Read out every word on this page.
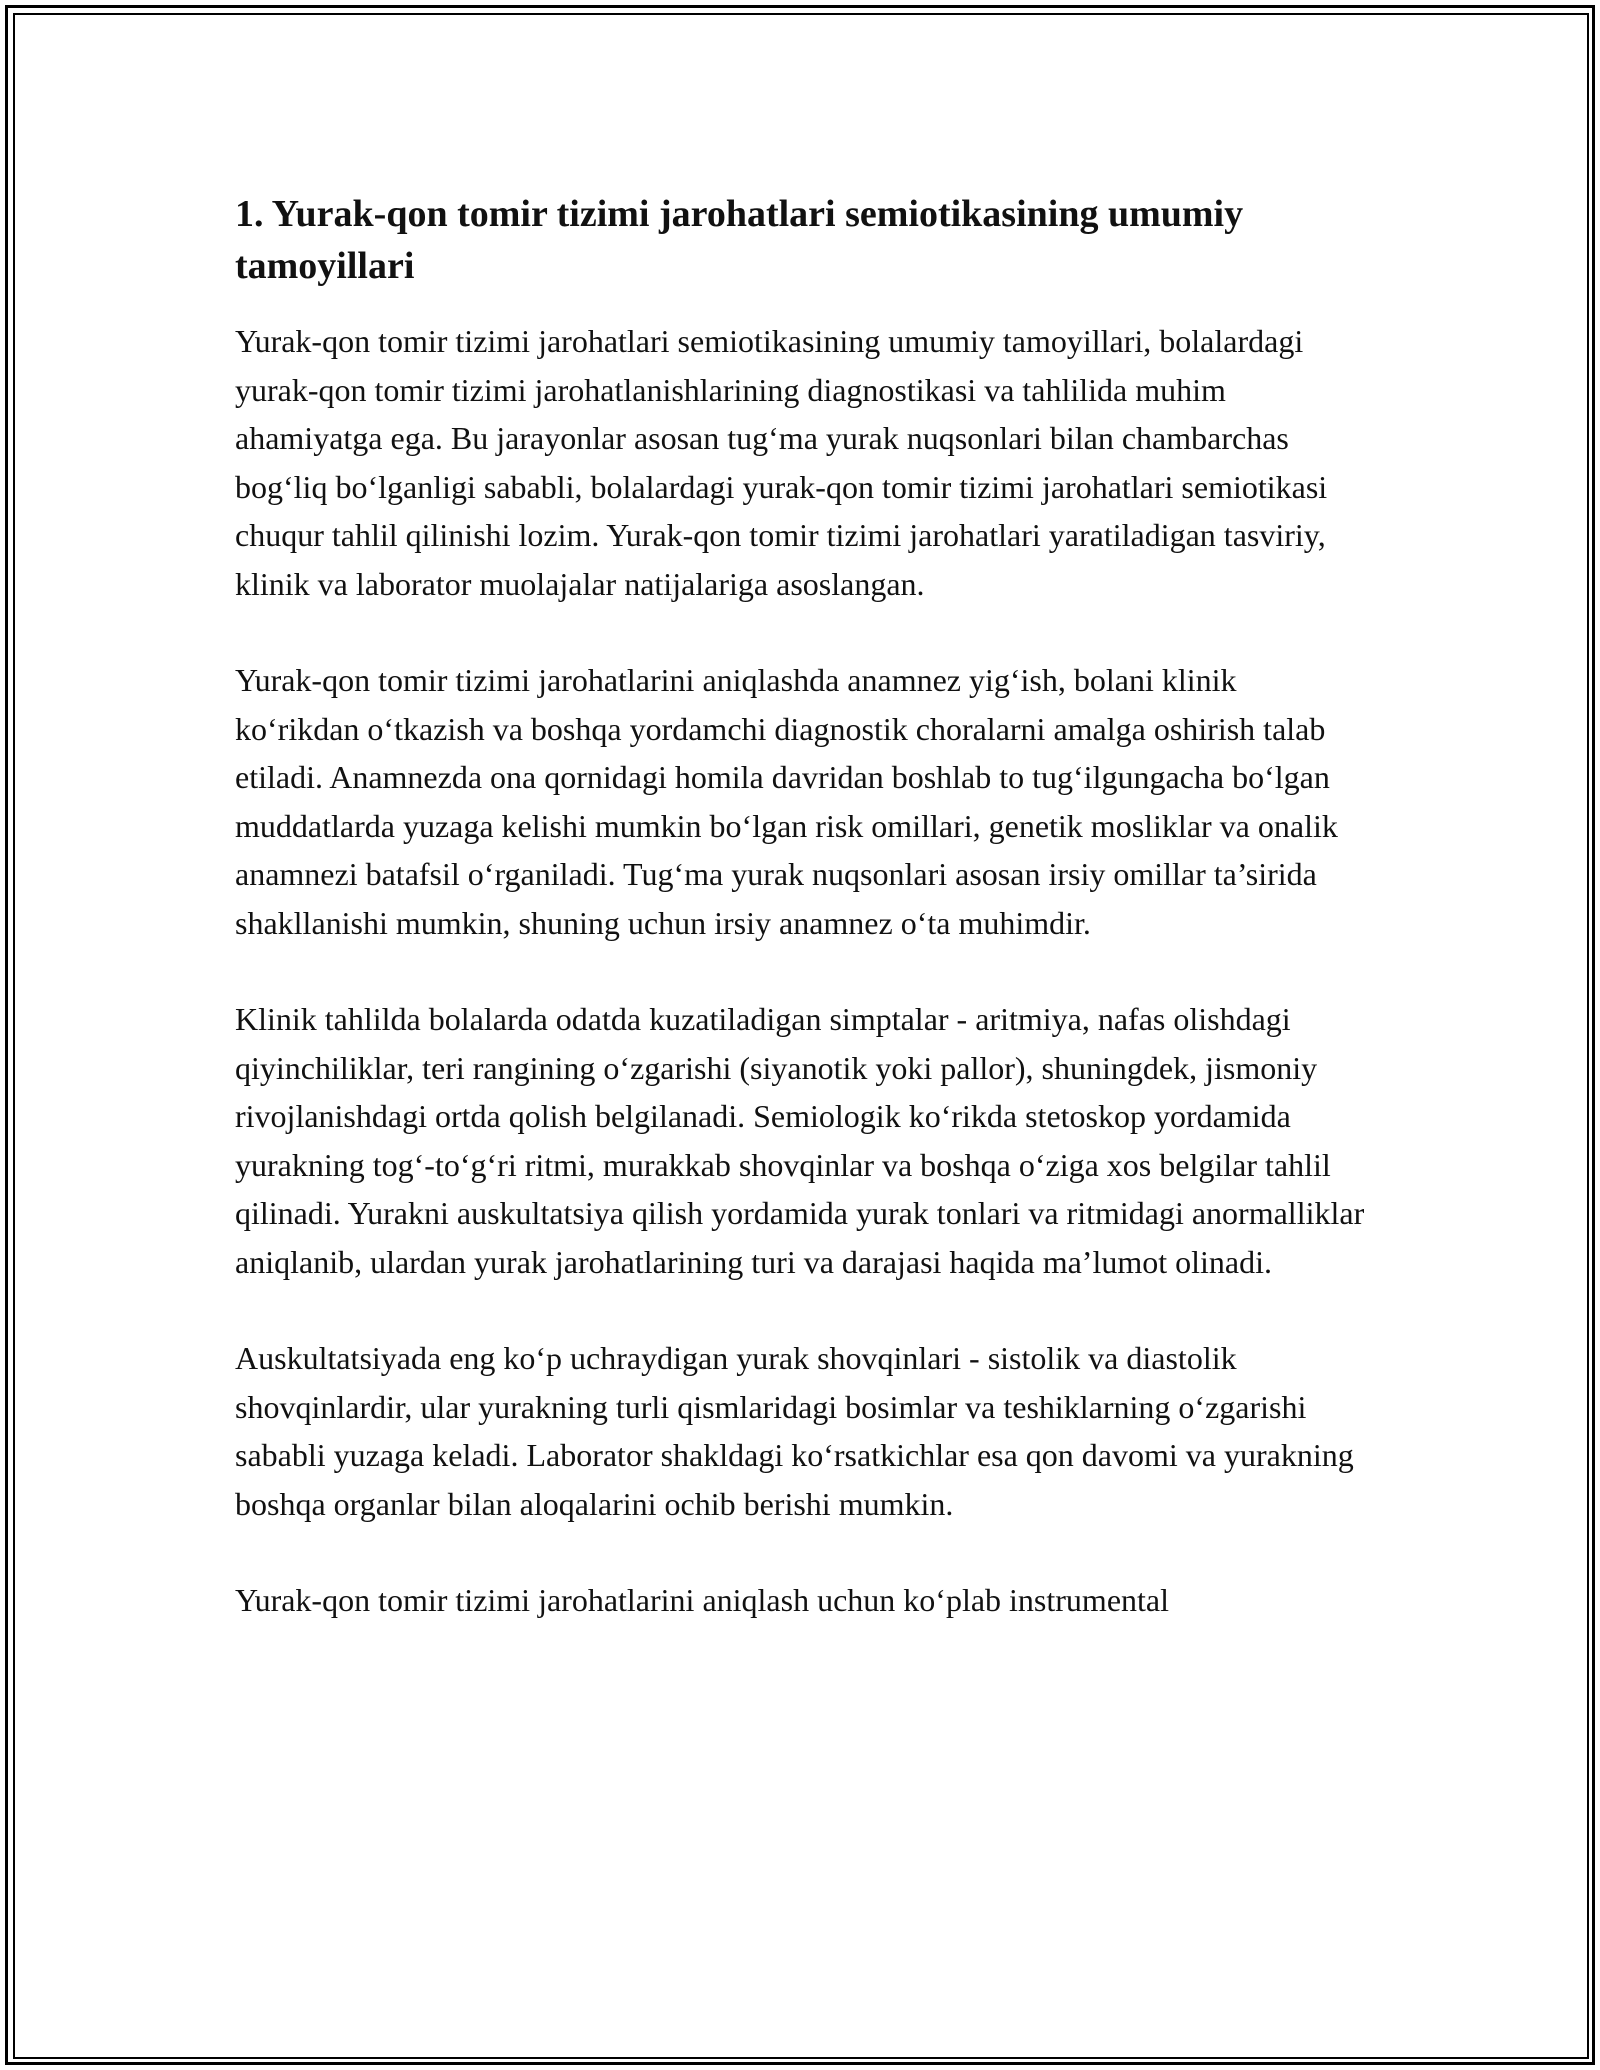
1. Yurak-qon tomir tizimi jarohatlari semiotikasining umumiy tamoyillari

Yurak-qon tomir tizimi jarohatlari semiotikasining umumiy tamoyillari, bolalardagi yurak-qon tomir tizimi jarohatlanishlarining diagnostikasi va tahlilida muhim ahamiyatga ega. Bu jarayonlar asosan tug‘ma yurak nuqsonlari bilan chambarchas bog‘liq bo‘lganligi sababli, bolalardagi yurak-qon tomir tizimi jarohatlari semiotikasi chuqur tahlil qilinishi lozim. Yurak-qon tomir tizimi jarohatlari yaratiladigan tasviriy, klinik va laborator muolajalar natijalariga asoslangan.

Yurak-qon tomir tizimi jarohatlarini aniqlashda anamnez yig‘ish, bolani klinik ko‘rikdan o‘tkazish va boshqa yordamchi diagnostik choralarni amalga oshirish talab etiladi. Anamnezda ona qornidagi homila davridan boshlab to tug‘ilgungacha bo‘lgan muddatlarda yuzaga kelishi mumkin bo‘lgan risk omillari, genetik mosliklar va onalik anamnezi batafsil o‘rganiladi. Tug‘ma yurak nuqsonlari asosan irsiy omillar ta’sirida shakllanishi mumkin, shuning uchun irsiy anamnez o‘ta muhimdir.

Klinik tahlilda bolalarda odatda kuzatiladigan simptalar - aritmiya, nafas olishdagi qiyinchiliklar, teri rangining o‘zgarishi (siyanotik yoki pallor), shuningdek, jismoniy rivojlanishdagi ortda qolish belgilanadi. Semiologik ko‘rikda stetoskop yordamida yurakning tog‘-to‘g‘ri ritmi, murakkab shovqinlar va boshqa o‘ziga xos belgilar tahlil qilinadi. Yurakni auskultatsiya qilish yordamida yurak tonlari va ritmidagi anormalliklar aniqlanib, ulardan yurak jarohatlarining turi va darajasi haqida ma’lumot olinadi.

Auskultatsiyada eng ko‘p uchraydigan yurak shovqinlari - sistolik va diastolik shovqinlardir, ular yurakning turli qismlaridagi bosimlar va teshiklarning o‘zgarishi sababli yuzaga keladi. Laborator shakldagi ko‘rsatkichlar esa qon davomi va yurakning boshqa organlar bilan aloqalarini ochib berishi mumkin.

Yurak-qon tomir tizimi jarohatlarini aniqlash uchun ko‘plab instrumental
